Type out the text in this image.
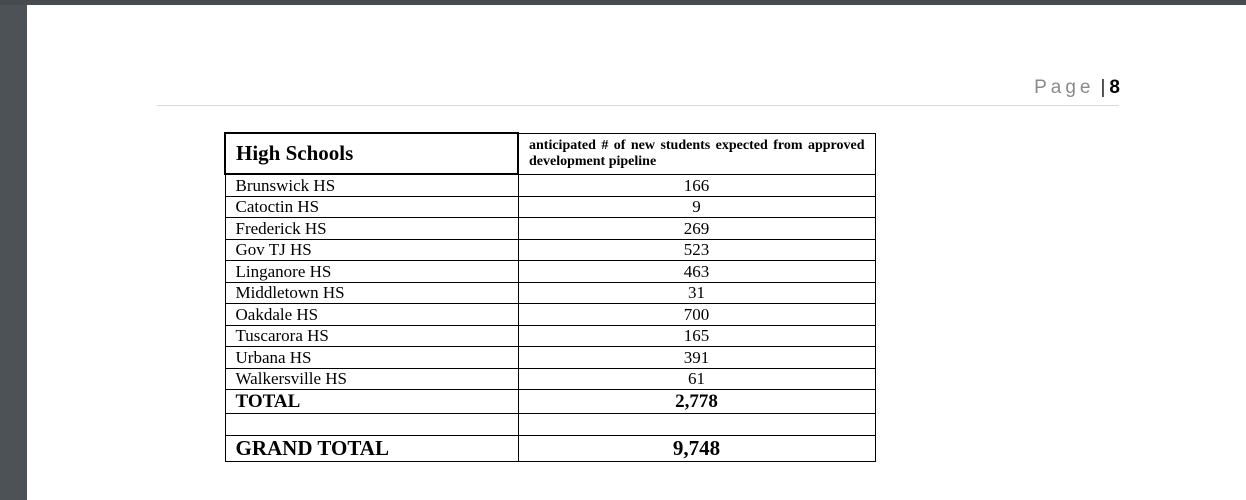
Page | 8
High Schools	anticipated # of new students expected from approved development pipeline
Brunswick HS	166
Catoctin HS	9
Frederick HS	269
Gov TJ HS	523
Linganore HS	463
Middletown HS	31
Oakdale HS	700
Tuscarora HS	165
Urbana HS	391
Walkersville HS	61
TOTAL	2,778

GRAND TOTAL	9,748
